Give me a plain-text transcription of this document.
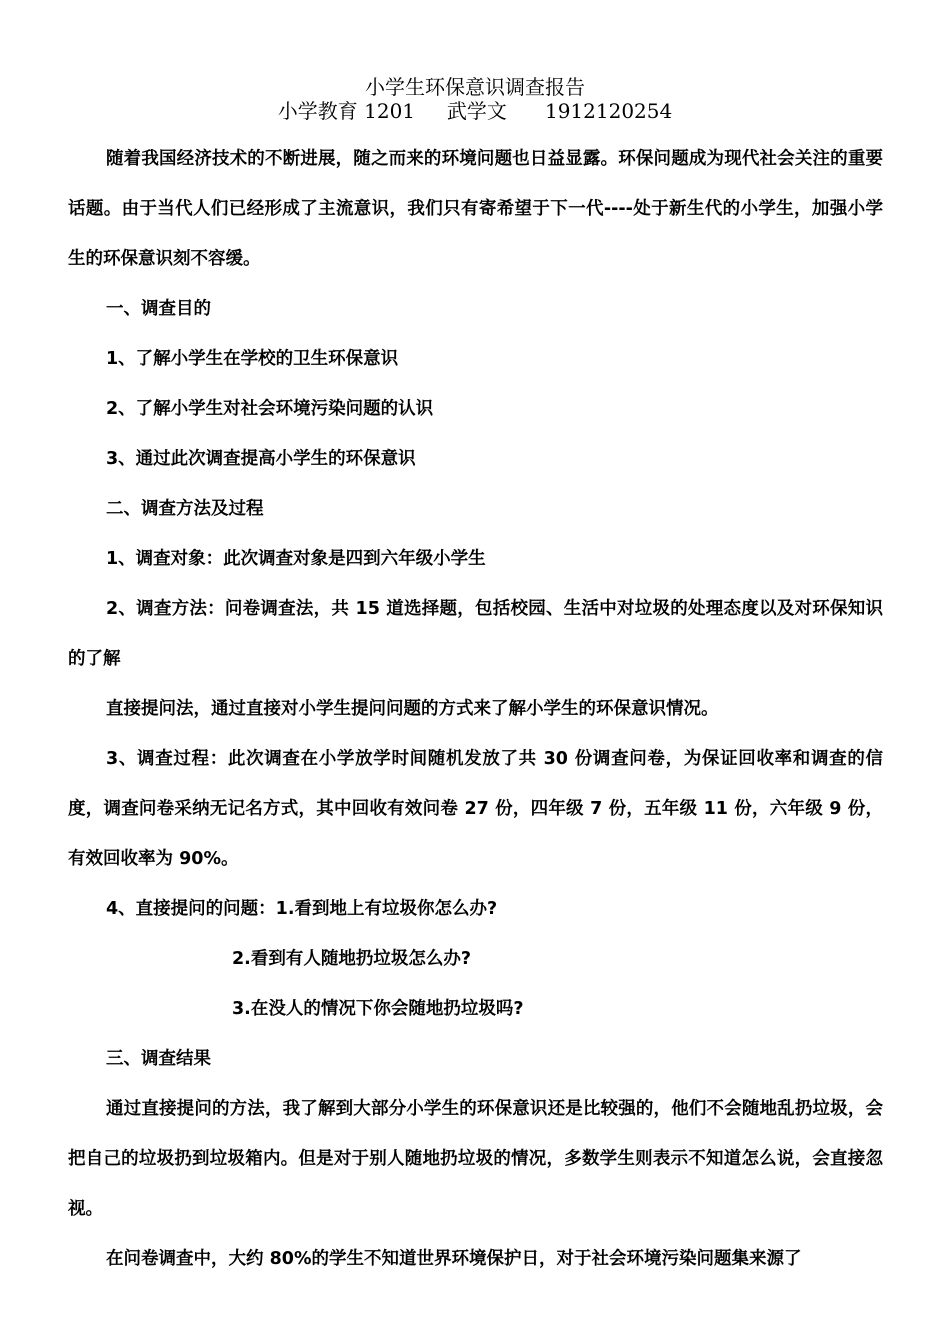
小学生环保意识调查报告
小学教育 1201     武学文      1912120254

随着我国经济技术的不断进展，随之而来的环境问题也日益显露。环保问题成为现代社会关注的重要话题。由于当代人们已经形成了主流意识，我们只有寄希望于下一代----处于新生代的小学生，加强小学生的环保意识刻不容缓。

一、调查目的

1、了解小学生在学校的卫生环保意识

2、了解小学生对社会环境污染问题的认识

3、通过此次调查提高小学生的环保意识

二、调查方法及过程

1、调查对象：此次调查对象是四到六年级小学生

2、调查方法：问卷调查法，共 15 道选择题，包括校园、生活中对垃圾的处理态度以及对环保知识的了解

直接提问法，通过直接对小学生提问问题的方式来了解小学生的环保意识情况。

3、调查过程：此次调查在小学放学时间随机发放了共 30 份调查问卷，为保证回收率和调查的信度，调查问卷采纳无记名方式，其中回收有效问卷 27 份，四年级 7 份，五年级 11 份，六年级 9 份，有效回收率为 90%。

4、直接提问的问题：1.看到地上有垃圾你怎么办?

2.看到有人随地扔垃圾怎么办?

3.在没人的情况下你会随地扔垃圾吗?

三、调查结果

通过直接提问的方法，我了解到大部分小学生的环保意识还是比较强的，他们不会随地乱扔垃圾，会把自己的垃圾扔到垃圾箱内。但是对于别人随地扔垃圾的情况，多数学生则表示不知道怎么说，会直接忽视。

在问卷调查中，大约 80%的学生不知道世界环境保护日，对于社会环境污染问题集来源了
